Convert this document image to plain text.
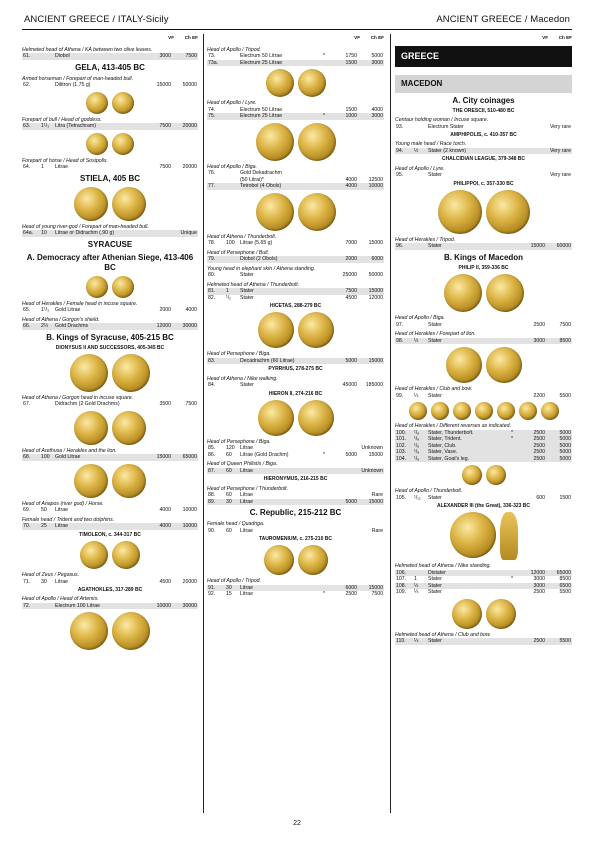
ANCIENT GREECE / ITALY-Sicily	ANCIENT GREECE / Macedon
VF	Ch EF
Helmeted head of Athena / KA between two olive leaves.
61.	Diobol	3000	7500
GELA, 413-405 BC
Armed horseman / Forepart of man-headed bull.
62.	Dilitron (1.75 g)	15000	50000
Forepart of bull / Head of goddess.
63.	1¹/₃	Litra (Tetrachram)	7500	20000
Forepart of horse / Head of Sosipolis.
64.	1	Litrae	7500	20000
STIELA, 405 BC
Head of young river-god / Forepart of man-headed bull.
64a.	10	Litrae or Didrachm (.90 g)	Unique
SYRACUSE
A. Democracy after Athenian Siege, 413-406 BC
Head of Herakles / Female head in incuse square.
65.	1¹/₃	Gold Litrae	2000	4000
Head of Athena / Gorgon's shield.
66.	2½	Gold Drachms	12000	30000
B. Kings of Syracuse, 405-215 BC
DIONYSUS II AND SUCCESSORS, 405-345 BC
Head of Athena / Gorgon head in incuse square.
67.	Didrachm (2 Gold Drachms)	3500	7500
Head of Arethusa / Herakles and the lion.
68.	100	Gold Litrae	15000	65000
Head of Anapos (river god) / Horse.
69.	50	Litrae	4000	10000
Female head / Trident and two dolphins.
70.	25	Litrae	4000	10000
TIMOLEON, c. 344-317 BC
Head of Zeus / Pegasus.
71.	30	Litrae	4500	20000
AGATHOKLES, 317-289 BC
Head of Apollo / Head of Artemis.
72.	Electrum 100 Litrae	10000	30000
VF	Ch EF
Head of Apollo / Tripod.
73.	Electrum 50 Litrae	*	1750	5000
73a.	Electrum 25 Litrae	1500	3000
Head of Apollo / Lyre.
74.	Electrum 50 Litrae	1500	4000
75.	Electrum 25 Litrae	*	1000	3000
Head of Apollo / Biga.
76.	Gold Dekadrachm
(50 Litrai)*	4000	12500
77.	Tetrobol (4 Obols)	4000	10000
Head of Athena / Thunderbolt.
78.	100	Litrae (5.65 g)	7000	15000
Head of Persephone / Bull.
79.	Diobol (2 Obols)	2000	6000
Young head in elephant skin / Athena standing.
80.	Stater	25000	50000
Helmeted head of Athena / Thunderbolt.
81.	1	Stater	7500	15000
82.	¹/₂	Stater	4500	12000
HICETAS, 288-279 BC
Head of Persephone / Biga.
83.	Decadrachm (60 Litrae)	5000	15000
PYRRHUS, 278-275 BC
Head of Athena / Nike walking.
84.	Stater	45000	185000
HIERON II, 274-216 BC
Head of Persephone / Biga.
85.	120	Litrae	Unknown
86.	60	Litrae (Gold Drachm)	*	5000	15000
Head of Queen Philistis / Biga.
87.	60	Litrae	Unknown
HIERONYMUS, 216-215 BC
Head of Persephone / Thunderbolt.
88.	60	Litrae	Rare
89.	30	Litrae	5000	15000
C. Republic, 215-212 BC
Female head / Quadriga.
90.	60	Litrae	Rare
TAUROMENIUM, c. 275-210 BC
Head of Apollo / Tripod.
91.	30	Litrae	6000	15000
92.	15	Litrae	*	2500	7500
VF	Ch EF
GREECE
MACEDON
A. City coinages
THE ORESCII, 510-480 BC
Centaur holding woman / Incuse square.
93.	Electrum Stater	Very rare
AMPHIPOLIS, c. 410-357 BC
Young male head / Race torch.
94.	½	Stater (2 known)	Very rare
CHALCIDIAN LEAGUE, 379-348 BC
Head of Apollo / Lyre.
95.	Stater	Very rare
PHILIPPOI, c. 357-330 BC
Head of Herakles / Tripod.
96.	Stater	15000	60000
B. Kings of Macedon
PHILIP II, 359-336 BC
Head of Apollo / Biga.
97.	Stater	2500	7500
Head of Herakles / Forepart of lion.
98.	½	Stater	3000	8500
Head of Herakles / Club and bow.
99.	¼	Stater	2200	5500
Head of Herakles / Different reverses as indicated.
100.	¹/₈	Stater, Thunderbolt.	*	2500	5000
101.	¹/₈	Stater, Trident.	*	2500	5000
102.	¹/₈	Stater, Club.	2500	5000
103.	¹/₈	Stater, Vase.	2500	5000
104.	¹/₈	Stater, Goat's leg.	2500	5000
Head of Apollo / Thunderbolt.
105.	¹/₁₂	Stater	600	1500
ALEXANDER III (the Great), 336-323 BC
Helmeted head of Athena / Nike standing.
106.	Distater	12000	65000
107.	1	Stater	*	3000	8500
108.	½	Stater	3000	6500
109.	¼	Stater	2500	5500
Helmeted head of Athena / Club and bow.
110.	¼	Stater	2500	5500
22
